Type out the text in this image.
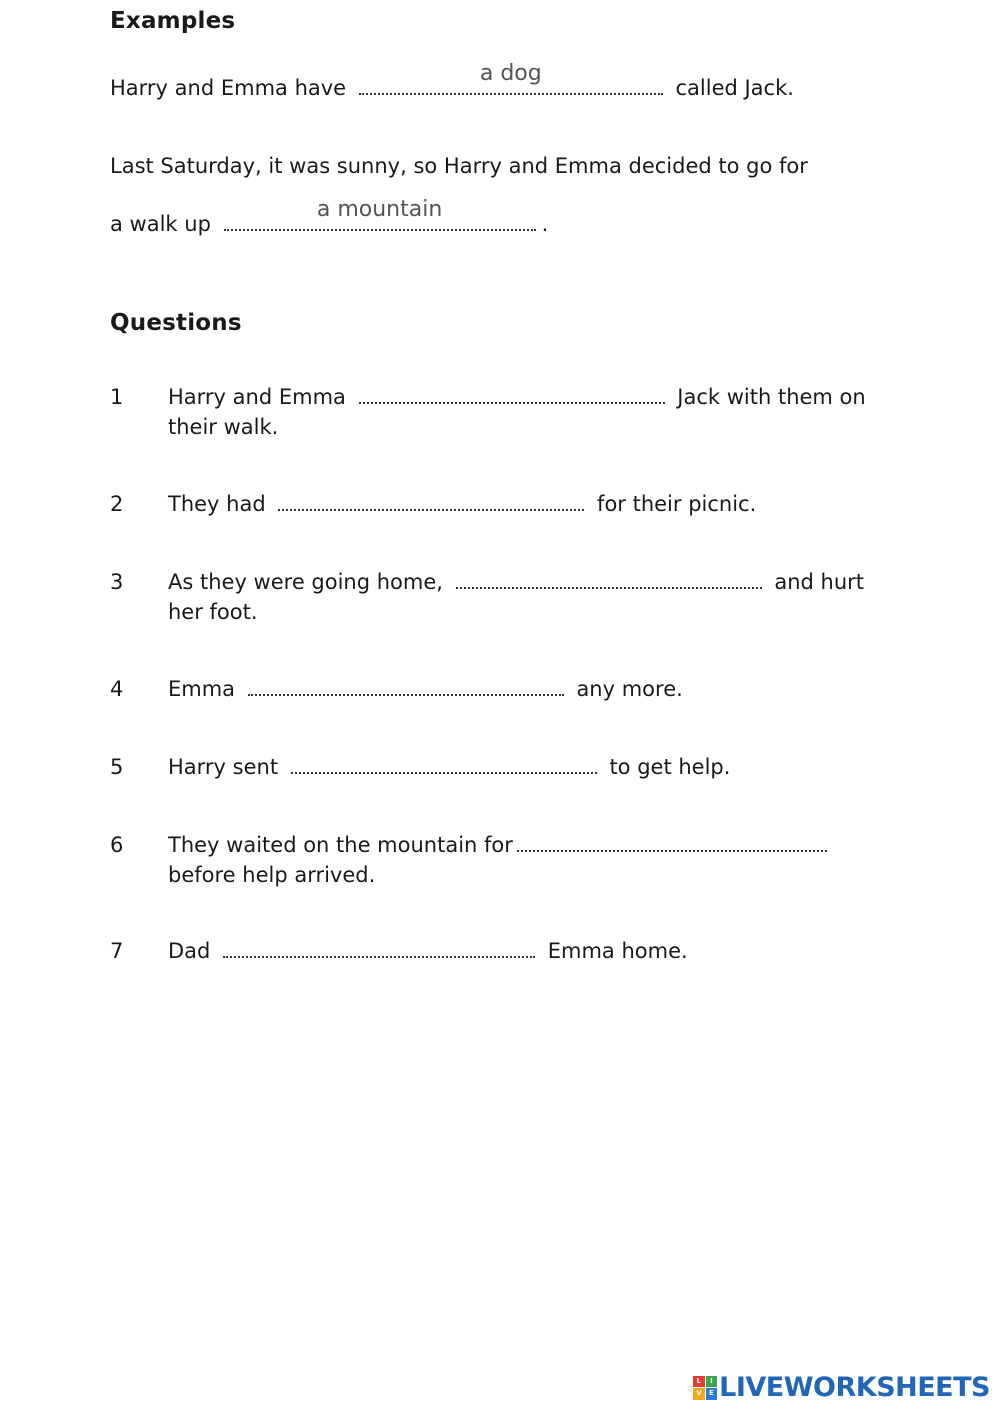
Examples
Harry and Emma have
a dog
called Jack.
Last Saturday, it was sunny, so Harry and Emma decided to go for
a walk up
a mountain
.
Questions
1 Harry and Emma	Jack with them on
their walk.
2 They had	for their picnic.
3 As they were going home,	and hurt
her foot.
4 Emma	any more.
5 Harry sent	to get help.
6 They waited on the mountain for
before help arrived.
7 Dad	Emma home.
L	I
V	E LIVEWORKSHEETS
